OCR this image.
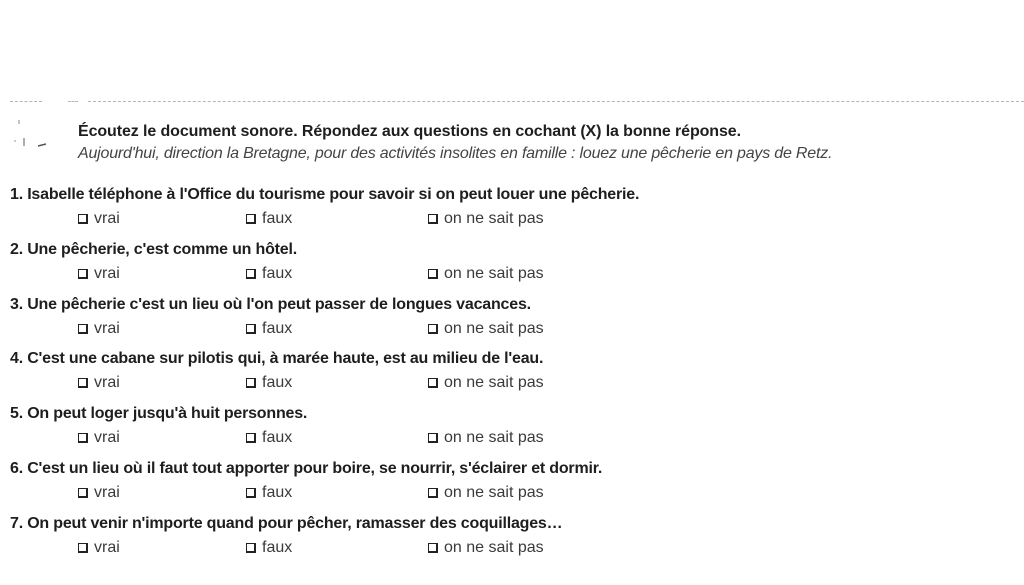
Écoutez le document sonore. Répondez aux questions en cochant (X) la bonne réponse.
Aujourd'hui, direction la Bretagne, pour des activités insolites en famille : louez une pêcherie en pays de Retz.
1. Isabelle téléphone à l'Office du tourisme pour savoir si on peut louer une pêcherie.
vrai	faux	on ne sait pas
2. Une pêcherie, c'est comme un hôtel.
vrai	faux	on ne sait pas
3. Une pêcherie c'est un lieu où l'on peut passer de longues vacances.
vrai	faux	on ne sait pas
4. C'est une cabane sur pilotis qui, à marée haute, est au milieu de l'eau.
vrai	faux	on ne sait pas
5. On peut loger jusqu'à huit personnes.
vrai	faux	on ne sait pas
6. C'est un lieu où il faut tout apporter pour boire, se nourrir, s'éclairer et dormir.
vrai	faux	on ne sait pas
7. On peut venir n'importe quand pour pêcher, ramasser des coquillages…
vrai	faux	on ne sait pas
